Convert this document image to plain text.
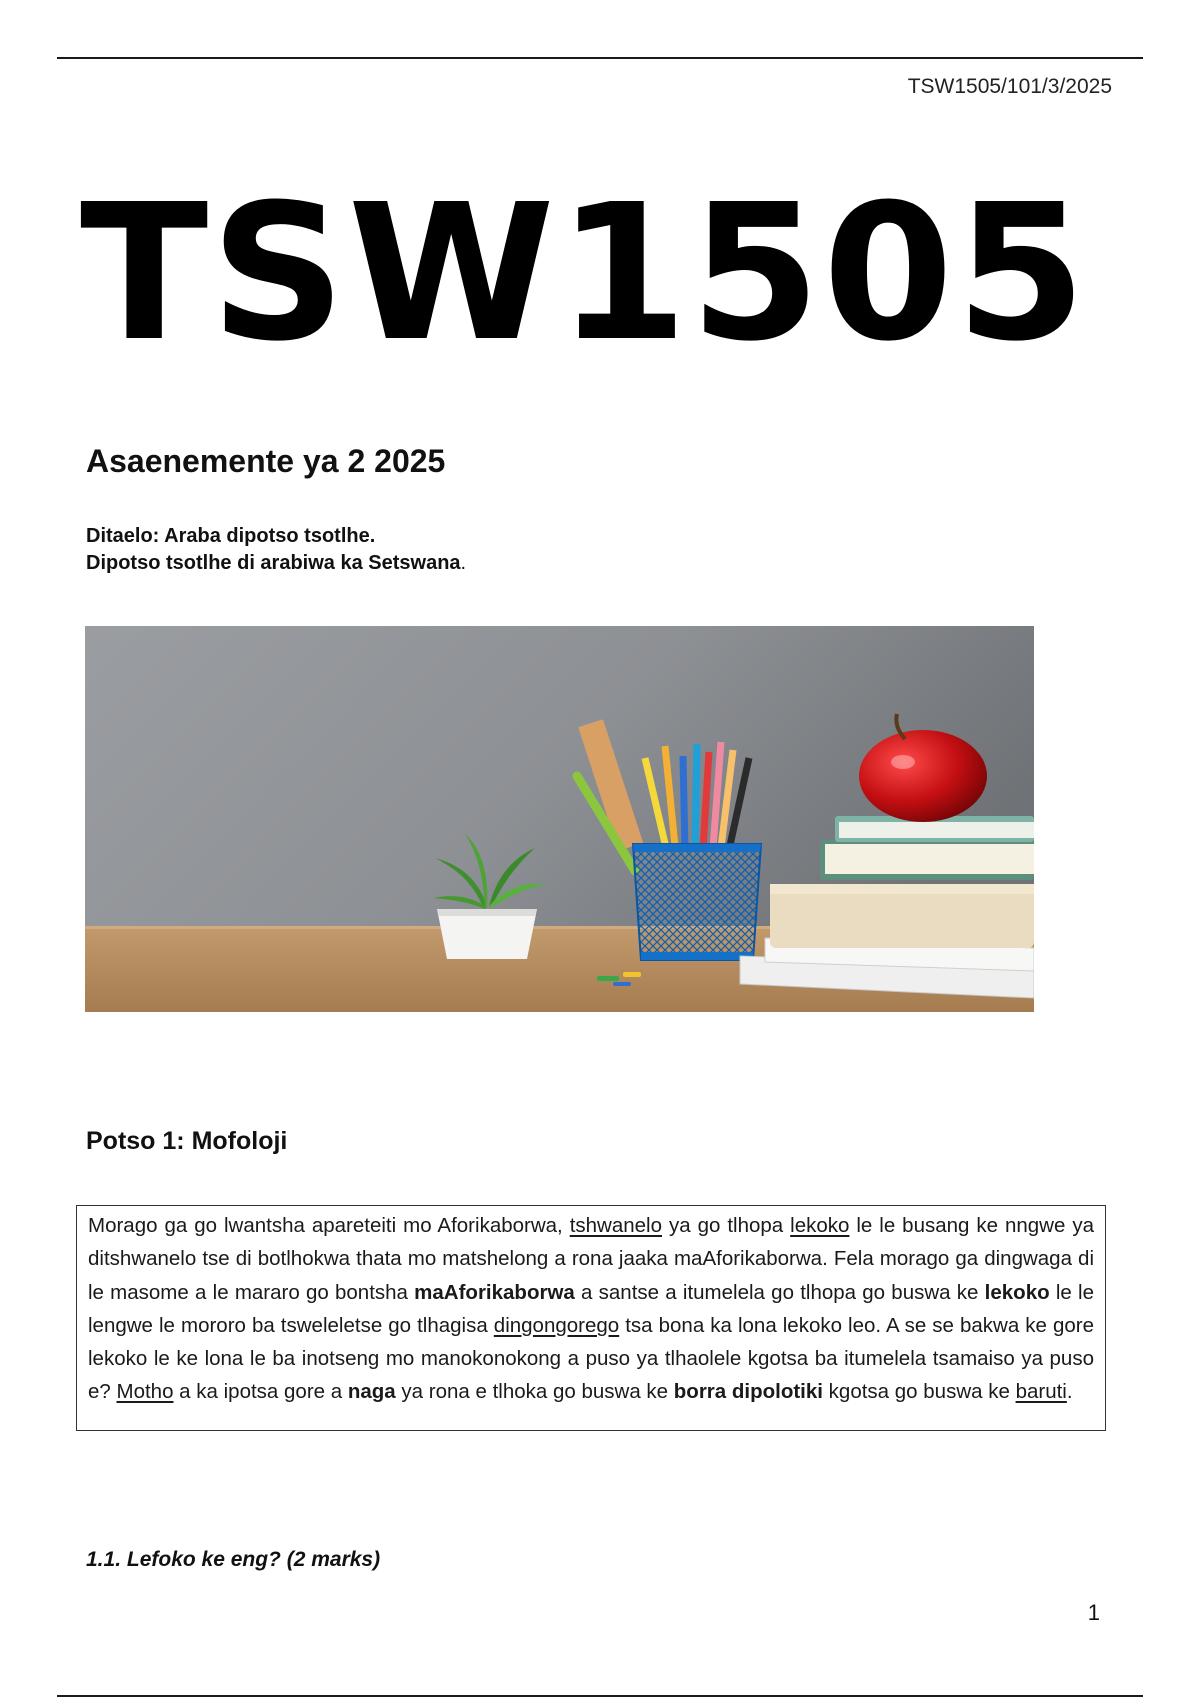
TSW1505/101/3/2025
TSW1505
Asaenemente ya 2 2025
Ditaelo: Araba dipotso tsotlhe.
Dipotso tsotlhe di arabiwa ka Setswana.
Potso 1: Mofoloji
Morago ga go lwantsha apareteiti mo Aforikaborwa, tshwanelo ya go tlhopa lekoko le le busang ke nngwe ya ditshwanelo tse di botlhokwa thata mo matshelong a rona jaaka maAforikaborwa. Fela morago ga dingwaga di le masome a le mararo go bontsha maAforikaborwa a santse a itumelela go tlhopa go buswa ke lekoko le le lengwe le mororo ba tsweleletse go tlhagisa dingongorego tsa bona ka lona lekoko leo. A se se bakwa ke gore lekoko le ke lona le ba inotseng mo manokonokong a puso ya tlhaolele kgotsa ba itumelela tsamaiso ya puso e? Motho a ka ipotsa gore a naga ya rona e tlhoka go buswa ke borra dipolotiki kgotsa go buswa ke baruti.
1.1. Lefoko ke eng? (2 marks)
1
